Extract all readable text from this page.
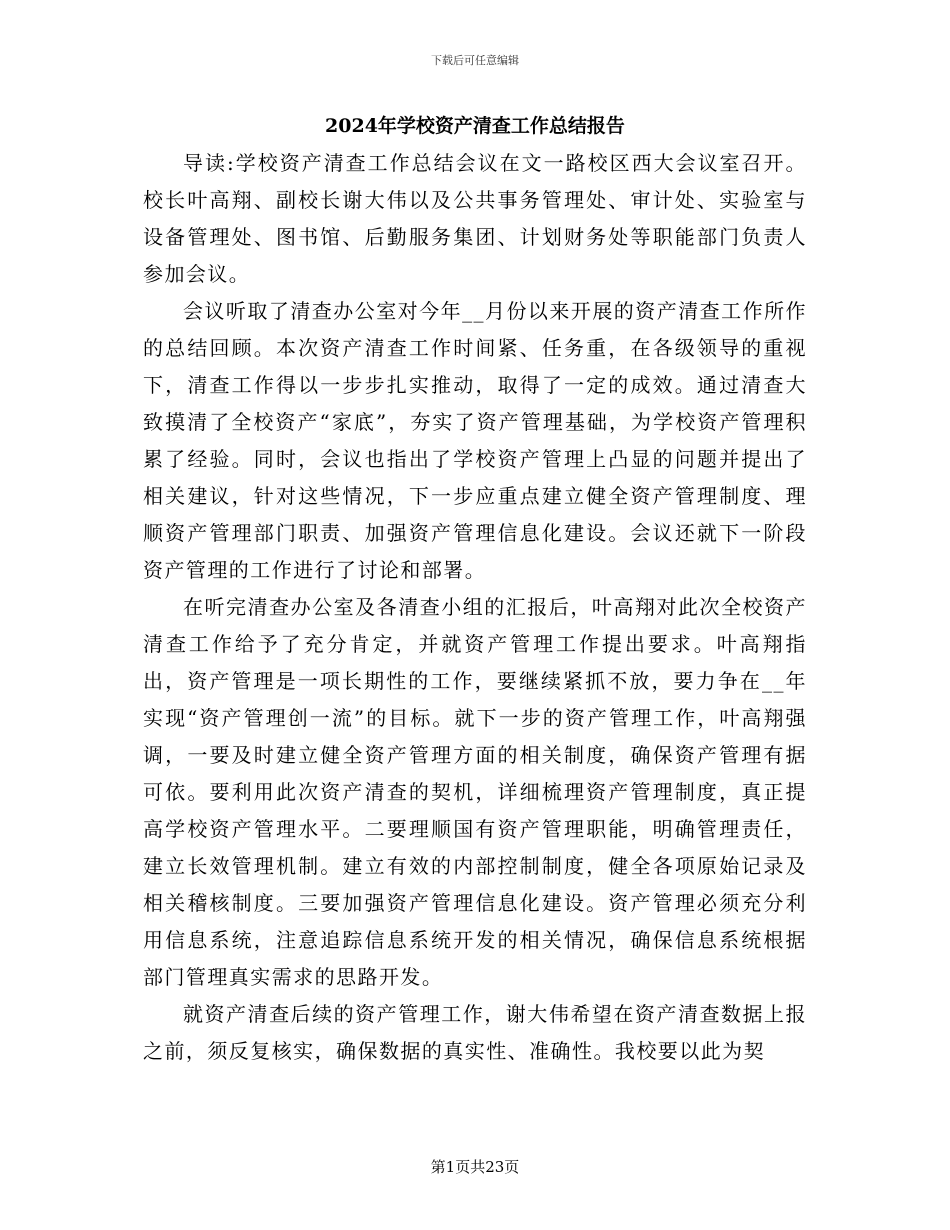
下载后可任意编辑
2024年学校资产清查工作总结报告

导读:学校资产清查工作总结会议在文一路校区西大会议室召开。校长叶高翔、副校长谢大伟以及公共事务管理处、审计处、实验室与设备管理处、图书馆、后勤服务集团、计划财务处等职能部门负责人参加会议。

会议听取了清查办公室对今年__月份以来开展的资产清查工作所作的总结回顾。本次资产清查工作时间紧、任务重，在各级领导的重视下，清查工作得以一步步扎实推动，取得了一定的成效。通过清查大致摸清了全校资产“家底”，夯实了资产管理基础，为学校资产管理积累了经验。同时，会议也指出了学校资产管理上凸显的问题并提出了相关建议，针对这些情况，下一步应重点建立健全资产管理制度、理顺资产管理部门职责、加强资产管理信息化建设。会议还就下一阶段资产管理的工作进行了讨论和部署。

在听完清查办公室及各清查小组的汇报后，叶高翔对此次全校资产清查工作给予了充分肯定，并就资产管理工作提出要求。叶高翔指出，资产管理是一项长期性的工作，要继续紧抓不放，要力争在__年实现“资产管理创一流”的目标。就下一步的资产管理工作，叶高翔强调，一要及时建立健全资产管理方面的相关制度，确保资产管理有据可依。要利用此次资产清查的契机，详细梳理资产管理制度，真正提高学校资产管理水平。二要理顺国有资产管理职能，明确管理责任，建立长效管理机制。建立有效的内部控制制度，健全各项原始记录及相关稽核制度。三要加强资产管理信息化建设。资产管理必须充分利用信息系统，注意追踪信息系统开发的相关情况，确保信息系统根据部门管理真实需求的思路开发。

就资产清查后续的资产管理工作，谢大伟希望在资产清查数据上报之前，须反复核实，确保数据的真实性、准确性。我校要以此为契

第1页共23页
